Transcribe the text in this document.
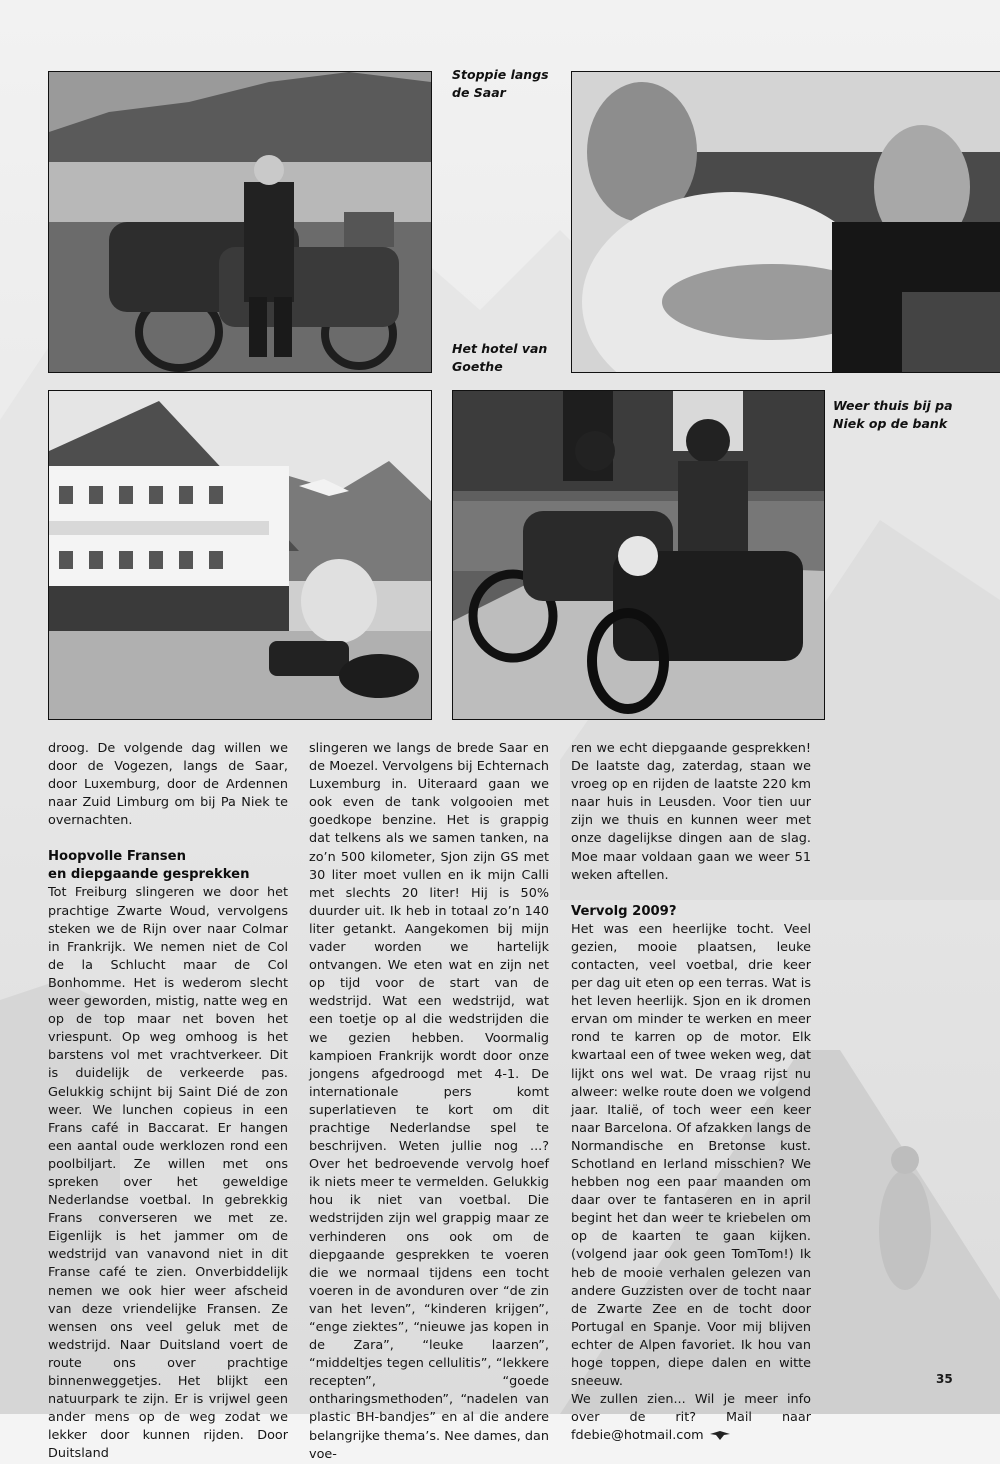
Stoppie langs de Saar
Het hotel van Goethe
Weer thuis bij pa Niek op de bank

droog. De volgende dag willen we door de Vogezen, langs de Saar, door Luxemburg, door de Ardennen naar Zuid Limburg om bij Pa Niek te overnachten.

Hoopvolle Fransen
en diepgaande gesprekken

Tot Freiburg slingeren we door het prachtige Zwarte Woud, vervolgens steken we de Rijn over naar Colmar in Frankrijk. We nemen niet de Col de la Schlucht maar de Col Bonhomme. Het is wederom slecht weer geworden, mistig, natte weg en op de top maar net boven het vriespunt. Op weg omhoog is het barstens vol met vrachtverkeer. Dit is duidelijk de verkeerde pas. Gelukkig schijnt bij Saint Dié de zon weer. We lunchen copieus in een Frans café in Baccarat. Er hangen een aantal oude werklozen rond een poolbiljart. Ze willen met ons spreken over het geweldige Nederlandse voetbal. In gebrekkig Frans converseren we met ze. Eigenlijk is het jammer om de wedstrijd van vanavond niet in dit Franse café te zien. Onverbiddelijk nemen we ook hier weer afscheid van deze vriendelijke Fransen. Ze wensen ons veel geluk met de wedstrijd. Naar Duitsland voert de route ons over prachtige binnenweggetjes. Het blijkt een natuurpark te zijn. Er is vrijwel geen ander mens op de weg zodat we lekker door kunnen rijden. Door Duitsland

slingeren we langs de brede Saar en de Moezel. Vervolgens bij Echternach Luxemburg in. Uiteraard gaan we ook even de tank volgooien met goedkope benzine. Het is grappig dat telkens als we samen tanken, na zo’n 500 kilometer, Sjon zijn GS met 30 liter moet vullen en ik mijn Calli met slechts 20 liter! Hij is 50% duurder uit. Ik heb in totaal zo’n 140 liter getankt. Aangekomen bij mijn vader worden we hartelijk ontvangen. We eten wat en zijn net op tijd voor de start van de wedstrijd. Wat een wedstrijd, wat een toetje op al die wedstrijden die we gezien hebben. Voormalig kampioen Frankrijk wordt door onze jongens afgedroogd met 4-1. De internationale pers komt superlatieven te kort om dit prachtige Nederlandse spel te beschrijven. Weten jullie nog ...? Over het bedroevende vervolg hoef ik niets meer te vermelden. Gelukkig hou ik niet van voetbal. Die wedstrijden zijn wel grappig maar ze verhinderen ons ook om de diepgaande gesprekken te voeren die we normaal tijdens een tocht voeren in de avonduren over “de zin van het leven”, “kinderen krijgen”, “enge ziektes”, “nieuwe jas kopen in de Zara”, “leuke laarzen”, “middeltjes tegen cellulitis”, “lekkere recepten”, “goede ontharingsmethoden”, “nadelen van plastic BH-bandjes” en al die andere belangrijke thema’s. Nee dames, dan voe-

ren we echt diepgaande gesprekken! De laatste dag, zaterdag, staan we vroeg op en rijden de laatste 220 km naar huis in Leusden. Voor tien uur zijn we thuis en kunnen weer met onze dagelijkse dingen aan de slag. Moe maar voldaan gaan we weer 51 weken aftellen.

Vervolg 2009?

Het was een heerlijke tocht. Veel gezien, mooie plaatsen, leuke contacten, veel voetbal, drie keer per dag uit eten op een terras. Wat is het leven heerlijk. Sjon en ik dromen ervan om minder te werken en meer rond te karren op de motor. Elk kwartaal een of twee weken weg, dat lijkt ons wel wat. De vraag rijst nu alweer: welke route doen we volgend jaar. Italië, of toch weer een keer naar Barcelona. Of afzakken langs de Normandische en Bretonse kust. Schotland en Ierland misschien? We hebben nog een paar maanden om daar over te fantaseren en in april begint het dan weer te kriebelen om op de kaarten te gaan kijken. (volgend jaar ook geen TomTom!) Ik heb de mooie verhalen gelezen van andere Guzzisten over de tocht naar de Zwarte Zee en de tocht door Portugal en Spanje. Voor mij blijven echter de Alpen favoriet. Ik hou van hoge toppen, diepe dalen en witte sneeuw.

We zullen zien... Wil je meer info over de rit? Mail naar fdebie@hotmail.com

35
